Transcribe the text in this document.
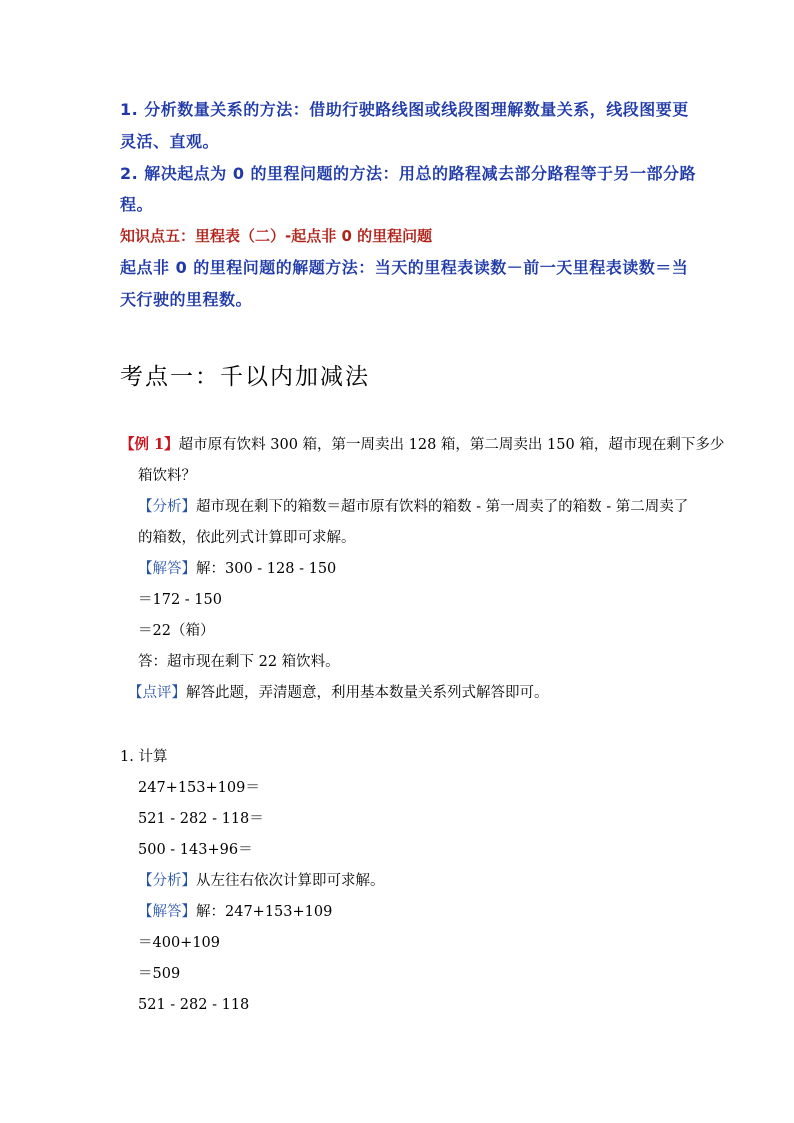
1. 分析数量关系的方法：借助行驶路线图或线段图理解数量关系，线段图要更
灵活、直观。
2. 解决起点为 0 的里程问题的方法：用总的路程减去部分路程等于另一部分路
程。
知识点五：里程表（二）-起点非 0 的里程问题
起点非 0 的里程问题的解题方法：当天的里程表读数－前一天里程表读数＝当
天行驶的里程数。
考点一：千以内加减法
【例 1】超市原有饮料 300 箱，第一周卖出 128 箱，第二周卖出 150 箱，超市现在剩下多少
箱饮料？
【分析】超市现在剩下的箱数＝超市原有饮料的箱数 - 第一周卖了的箱数 - 第二周卖了
的箱数，依此列式计算即可求解。
【解答】解：300 - 128 - 150
＝172 - 150
＝22（箱）
答：超市现在剩下 22 箱饮料。
【点评】解答此题，弄清题意，利用基本数量关系列式解答即可。
1. 计算
247+153+109＝
521 - 282 - 118＝
500 - 143+96＝
【分析】从左往右依次计算即可求解。
【解答】解：247+153+109
＝400+109
＝509
521 - 282 - 118
